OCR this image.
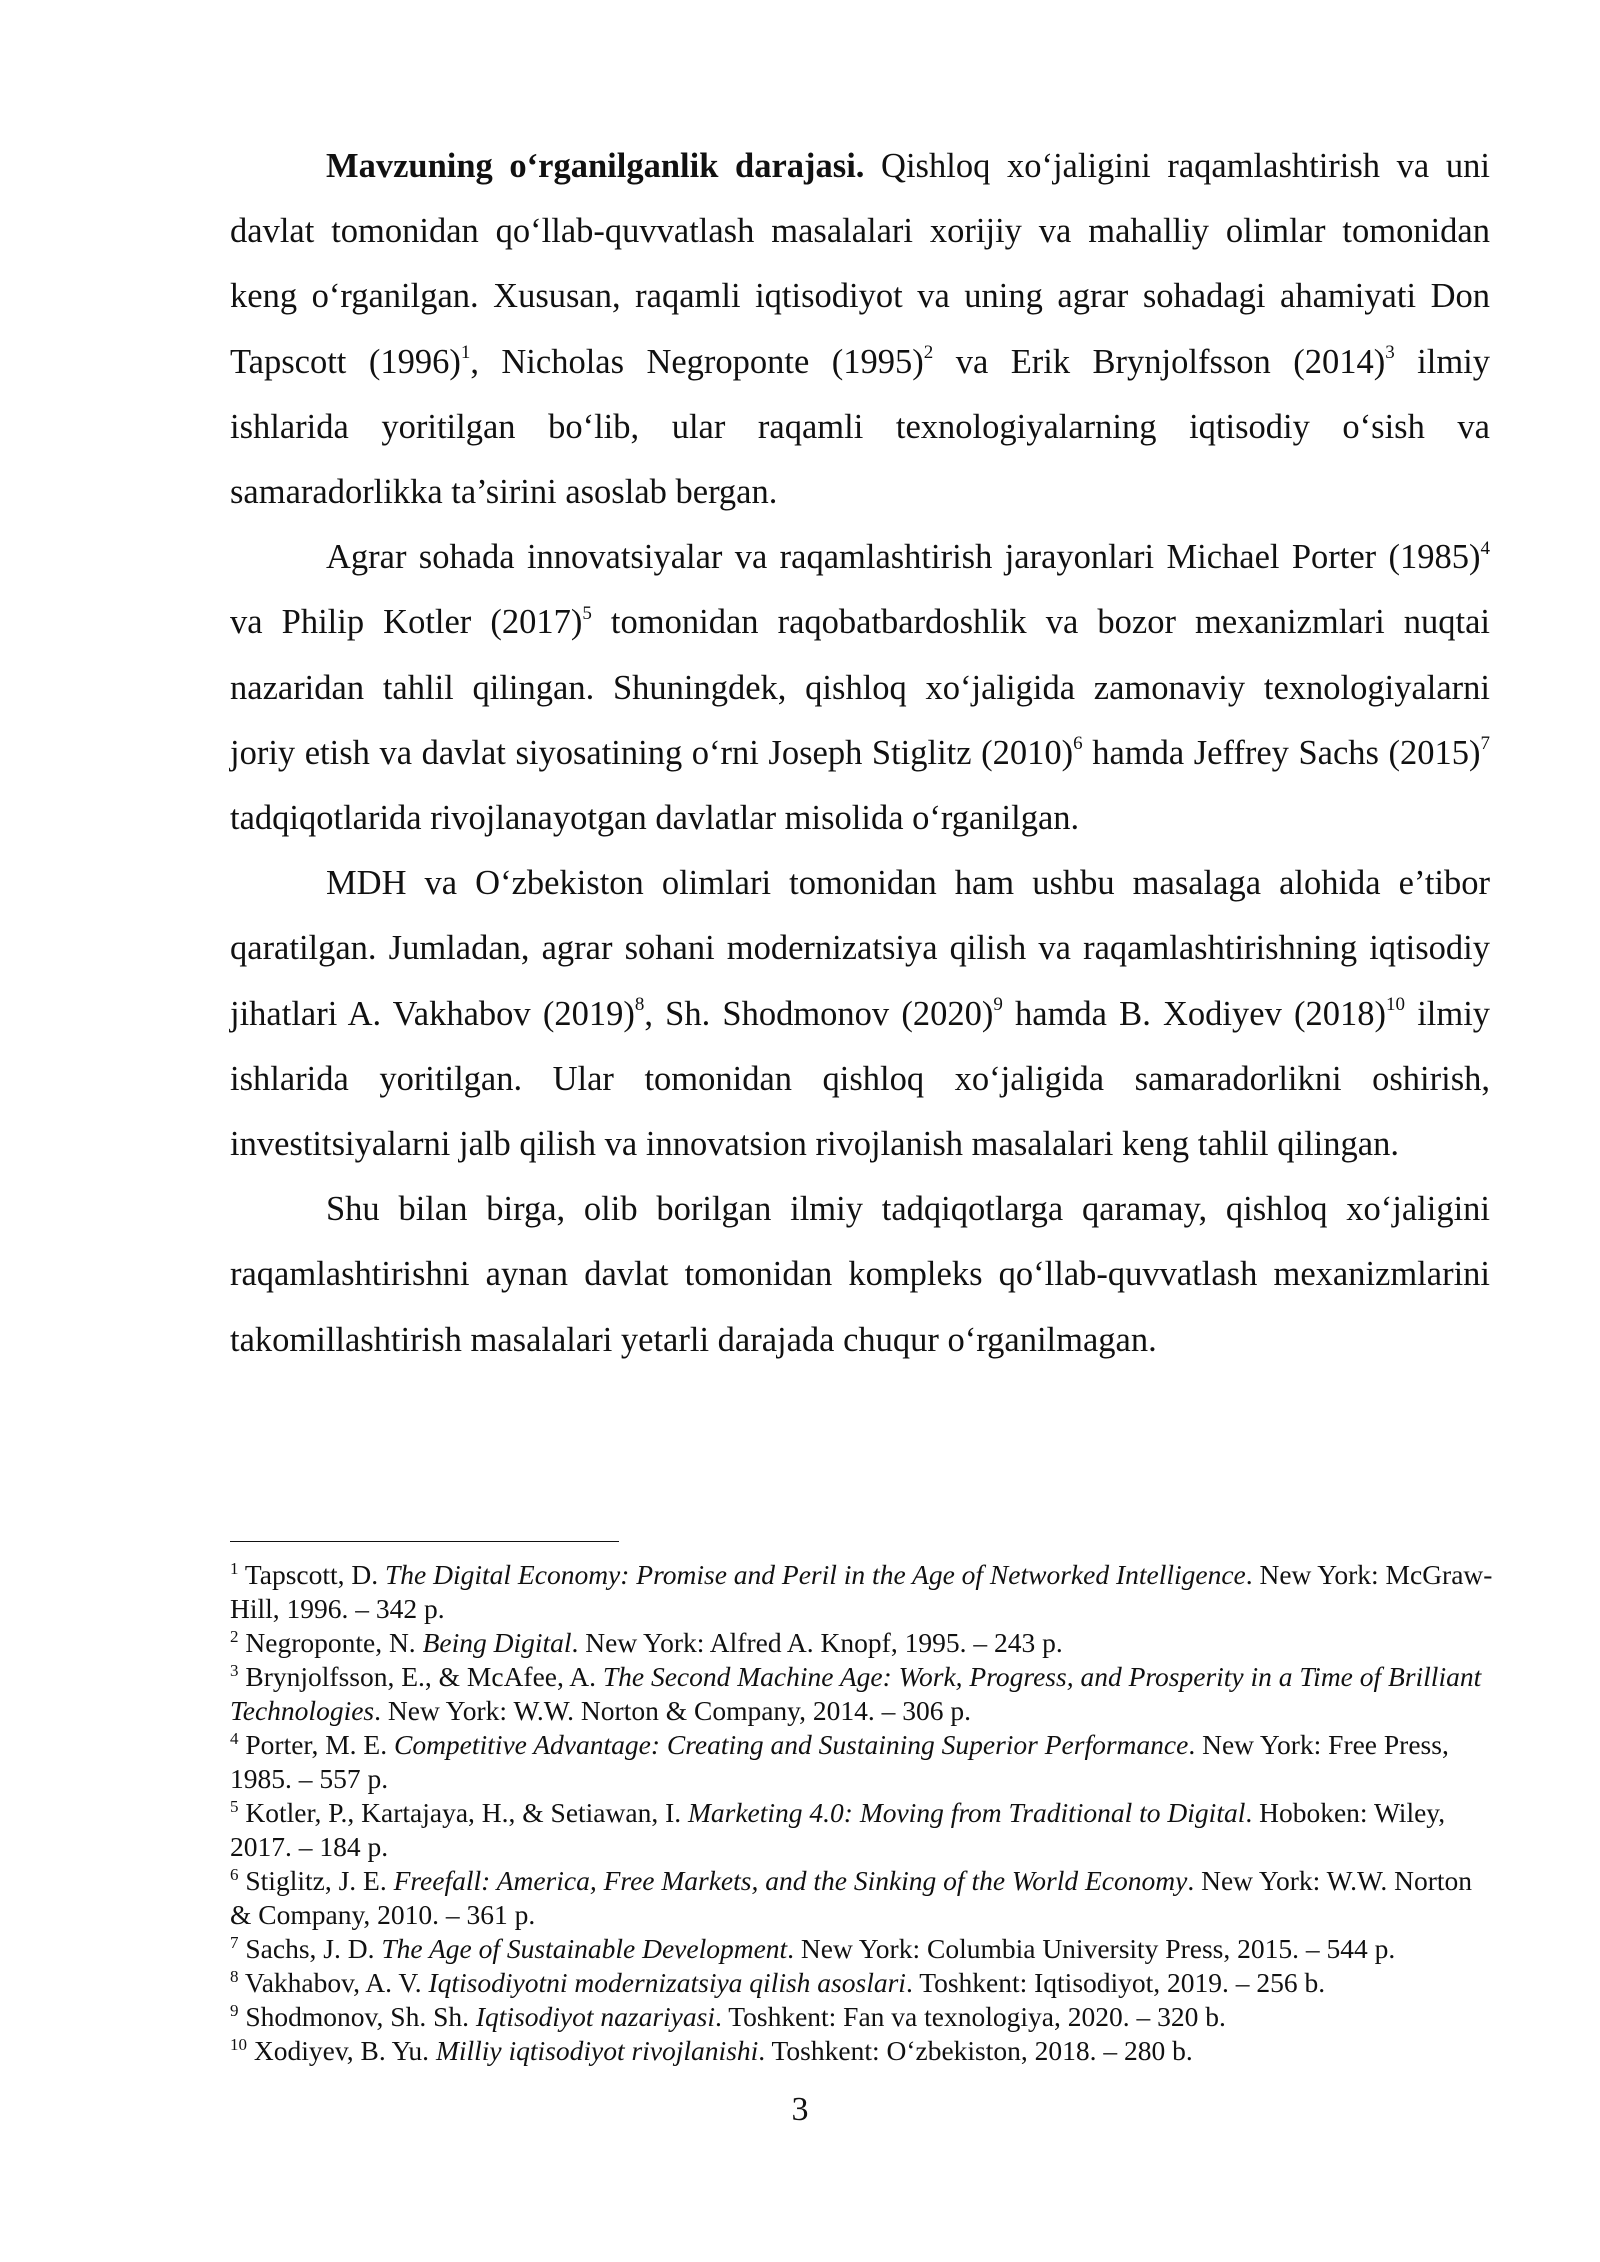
Mavzuning o‘rganilganlik darajasi. Qishloq xo‘jaligini raqamlashtirish va uni davlat tomonidan qo‘llab-quvvatlash masalalari xorijiy va mahalliy olimlar tomonidan keng o‘rganilgan. Xususan, raqamli iqtisodiyot va uning agrar sohadagi ahamiyati Don Tapscott (1996)$^1$, Nicholas Negroponte (1995)$^2$ va Erik Brynjolfsson (2014)$^3$ ilmiy ishlarida yoritilgan bo‘lib, ular raqamli texnologiyalarning iqtisodiy o‘sish va samaradorlikka ta’sirini asoslab bergan.

Agrar sohada innovatsiyalar va raqamlashtirish jarayonlari Michael Porter (1985)$^4$ va Philip Kotler (2017)$^5$ tomonidan raqobatbardoshlik va bozor mexanizmlari nuqtai nazaridan tahlil qilingan. Shuningdek, qishloq xo‘jaligida zamonaviy texnologiyalarni joriy etish va davlat siyosatining o‘rni Joseph Stiglitz (2010)$^6$ hamda Jeffrey Sachs (2015)$^7$ tadqiqotlarida rivojlanayotgan davlatlar misolida o‘rganilgan.

MDH va O‘zbekiston olimlari tomonidan ham ushbu masalaga alohida e’tibor qaratilgan. Jumladan, agrar sohani modernizatsiya qilish va raqamlashtirishning iqtisodiy jihatlari A. Vakhabov (2019)$^8$, Sh. Shodmonov (2020)$^9$ hamda B. Xodiyev (2018)$^{10}$ ilmiy ishlarida yoritilgan. Ular tomonidan qishloq xo‘jaligida samaradorlikni oshirish, investitsiyalarni jalb qilish va innovatsion rivojlanish masalalari keng tahlil qilingan.

Shu bilan birga, olib borilgan ilmiy tadqiqotlarga qaramay, qishloq xo‘jaligini raqamlashtirishni aynan davlat tomonidan kompleks qo‘llab-quvvatlash mexanizmlarini takomillashtirish masalalari yetarli darajada chuqur o‘rganilmagan.

$^1$ Tapscott, D. The Digital Economy: Promise and Peril in the Age of Networked Intelligence. New York: McGraw-Hill, 1996. – 342 p.

$^2$ Negroponte, N. Being Digital. New York: Alfred A. Knopf, 1995. – 243 p.

$^3$ Brynjolfsson, E., & McAfee, A. The Second Machine Age: Work, Progress, and Prosperity in a Time of Brilliant Technologies. New York: W.W. Norton & Company, 2014. – 306 p.

$^4$ Porter, M. E. Competitive Advantage: Creating and Sustaining Superior Performance. New York: Free Press, 1985. – 557 p.

$^5$ Kotler, P., Kartajaya, H., & Setiawan, I. Marketing 4.0: Moving from Traditional to Digital. Hoboken: Wiley, 2017. – 184 p.

$^6$ Stiglitz, J. E. Freefall: America, Free Markets, and the Sinking of the World Economy. New York: W.W. Norton & Company, 2010. – 361 p.

$^7$ Sachs, J. D. The Age of Sustainable Development. New York: Columbia University Press, 2015. – 544 p.

$^8$ Vakhabov, A. V. Iqtisodiyotni modernizatsiya qilish asoslari. Toshkent: Iqtisodiyot, 2019. – 256 b.

$^9$ Shodmonov, Sh. Sh. Iqtisodiyot nazariyasi. Toshkent: Fan va texnologiya, 2020. – 320 b.

$^{10}$ Xodiyev, B. Yu. Milliy iqtisodiyot rivojlanishi. Toshkent: O‘zbekiston, 2018. – 280 b.

3
